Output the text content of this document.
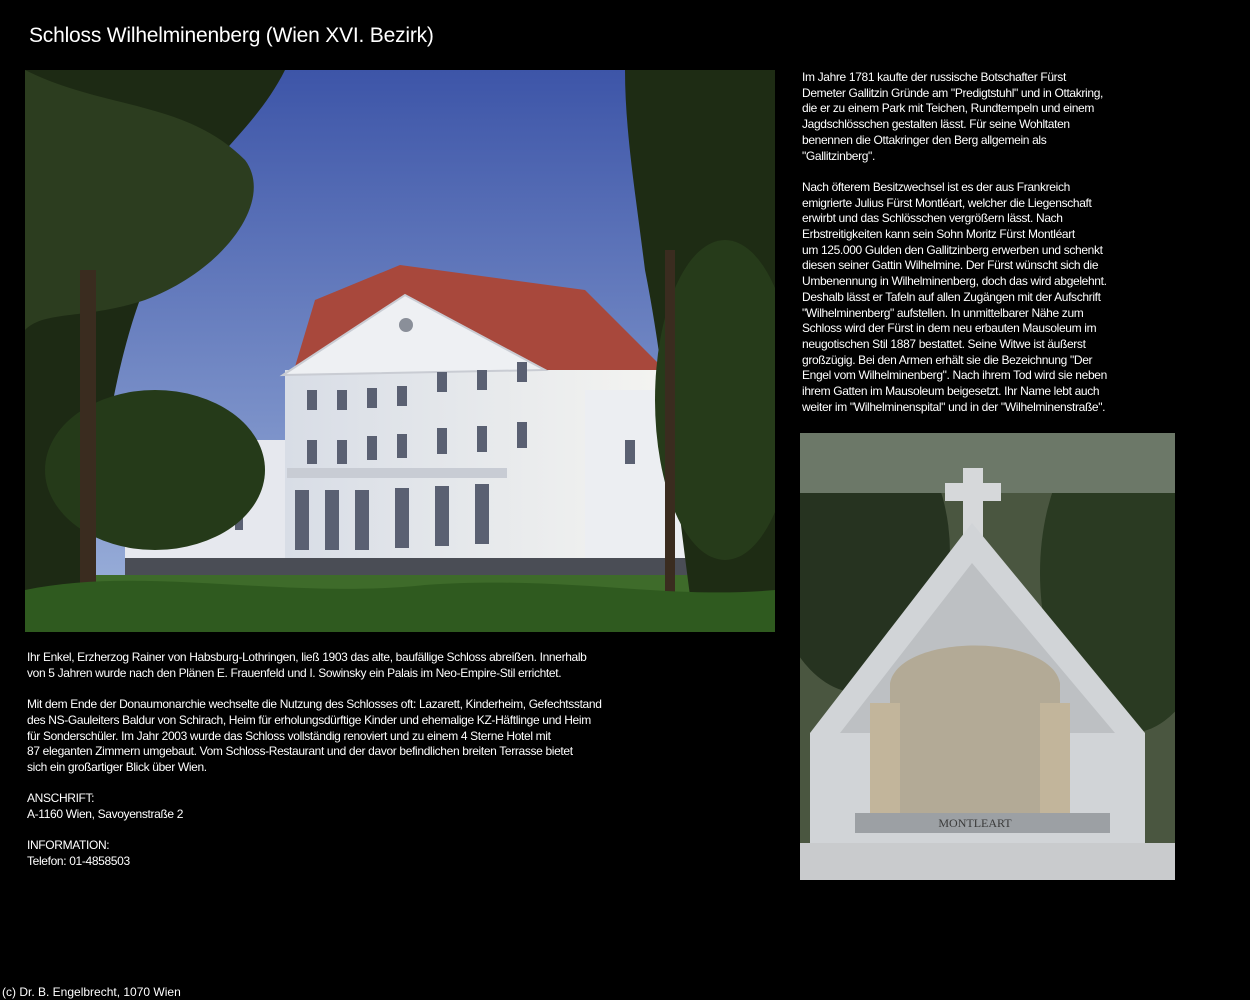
Schloss Wilhelminenberg (Wien XVI. Bezirk)
MONTLEART

Im Jahre 1781 kaufte der russische Botschafter Fürst
Demeter Gallitzin Gründe am "Predigtstuhl" und in Ottakring,
die er zu einem Park mit Teichen, Rundtempeln und einem
Jagdschlösschen gestalten lässt. Für seine Wohltaten
benennen die Ottakringer den Berg allgemein als
"Gallitzinberg".

Nach öfterem Besitzwechsel ist es der aus Frankreich
emigrierte Julius Fürst Montléart, welcher die Liegenschaft
erwirbt und das Schlösschen vergrößern lässt. Nach
Erbstreitigkeiten kann sein Sohn Moritz Fürst Montléart
um 125.000 Gulden den Gallitzinberg erwerben und schenkt
diesen seiner Gattin Wilhelmine. Der Fürst wünscht sich die
Umbenennung in Wilhelminenberg, doch das wird abgelehnt.
Deshalb lässt er Tafeln auf allen Zugängen mit der Aufschrift
"Wilhelminenberg" aufstellen. In unmittelbarer Nähe zum
Schloss wird der Fürst in dem neu erbauten Mausoleum im
neugotischen Stil 1887 bestattet. Seine Witwe ist äußerst
großzügig. Bei den Armen erhält sie die Bezeichnung "Der
Engel vom Wilhelminenberg". Nach ihrem Tod wird sie neben
ihrem Gatten im Mausoleum beigesetzt. Ihr Name lebt auch
weiter im "Wilhelminenspital" und in der "Wilhelminenstraße".

Ihr Enkel, Erzherzog Rainer von Habsburg-Lothringen, ließ 1903 das alte, baufällige Schloss abreißen. Innerhalb
von 5 Jahren wurde nach den Plänen E. Frauenfeld und I. Sowinsky ein Palais im Neo-Empire-Stil errichtet.

Mit dem Ende der Donaumonarchie wechselte die Nutzung des Schlosses oft: Lazarett, Kinderheim, Gefechtsstand
des NS-Gauleiters Baldur von Schirach, Heim für erholungsdürftige Kinder und ehemalige KZ-Häftlinge und Heim
für Sonderschüler. Im Jahr 2003 wurde das Schloss vollständig renoviert und zu einem 4 Sterne Hotel mit
87 eleganten Zimmern umgebaut. Vom Schloss-Restaurant und der davor befindlichen breiten Terrasse bietet
sich ein großartiger Blick über Wien.

ANSCHRIFT:
A-1160 Wien, Savoyenstraße 2

INFORMATION:
Telefon: 01-4858503

(c) Dr. B. Engelbrecht, 1070 Wien
